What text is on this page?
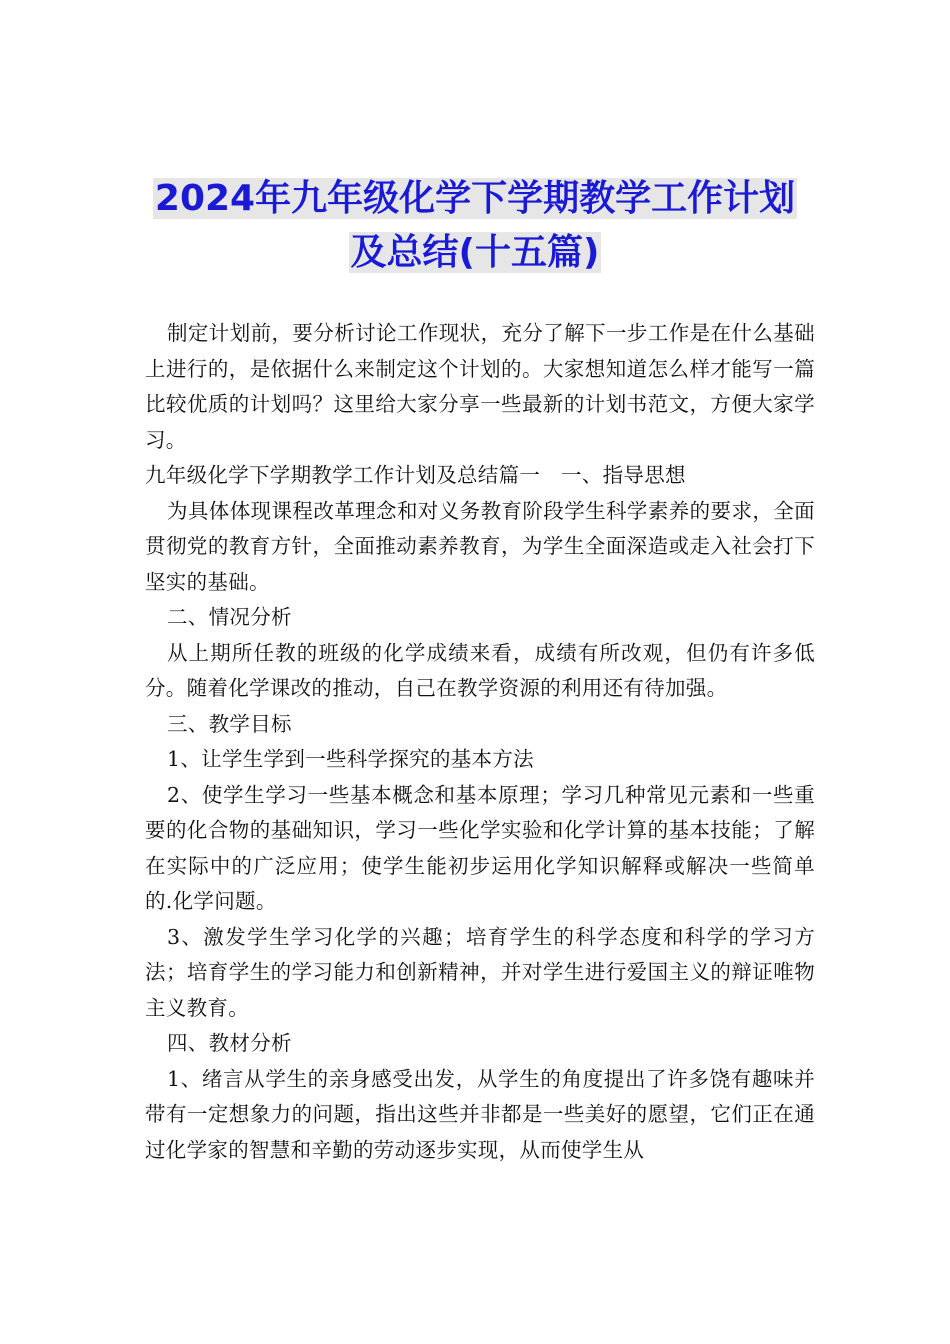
2024年九年级化学下学期教学工作计划
及总结(十五篇)

制定计划前，要分析讨论工作现状，充分了解下一步工作是在什么基础上进行的，是依据什么来制定这个计划的。大家想知道怎么样才能写一篇比较优质的计划吗？这里给大家分享一些最新的计划书范文，方便大家学习。

九年级化学下学期教学工作计划及总结篇一　一、指导思想

为具体体现课程改革理念和对义务教育阶段学生科学素养的要求，全面贯彻党的教育方针，全面推动素养教育，为学生全面深造或走入社会打下坚实的基础。

二、情况分析

从上期所任教的班级的化学成绩来看，成绩有所改观，但仍有许多低分。随着化学课改的推动，自己在教学资源的利用还有待加强。

三、教学目标

1、让学生学到一些科学探究的基本方法

2、使学生学习一些基本概念和基本原理；学习几种常见元素和一些重要的化合物的基础知识，学习一些化学实验和化学计算的基本技能；了解在实际中的广泛应用；使学生能初步运用化学知识解释或解决一些简单的.化学问题。

3、激发学生学习化学的兴趣；培育学生的科学态度和科学的学习方法；培育学生的学习能力和创新精神，并对学生进行爱国主义的辩证唯物主义教育。

四、教材分析

1、绪言从学生的亲身感受出发，从学生的角度提出了许多饶有趣味并带有一定想象力的问题，指出这些并非都是一些美好的愿望，它们正在通过化学家的智慧和辛勤的劳动逐步实现，从而使学生从
